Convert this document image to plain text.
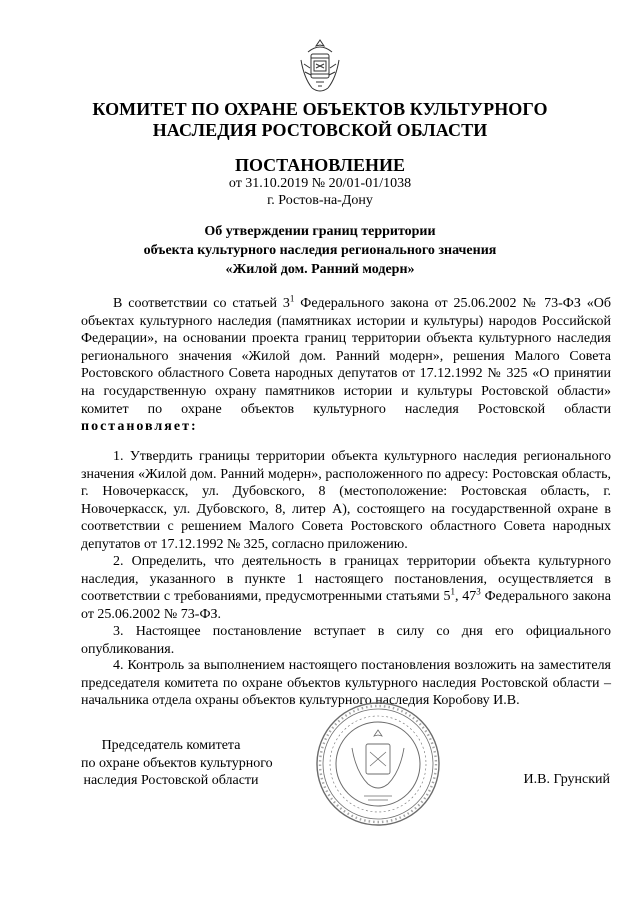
КОМИТЕТ ПО ОХРАНЕ ОБЪЕКТОВ КУЛЬТУРНОГО
НАСЛЕДИЯ РОСТОВСКОЙ ОБЛАСТИ
ПОСТАНОВЛЕНИЕ
от 31.10.2019 № 20/01-01/1038
г. Ростов-на-Дону
Об утверждении границ территории
объекта культурного наследия регионального значения
«Жилой дом. Ранний модерн»

В соответствии со статьей $3^1$ Федерального закона от 25.06.2002 № 73-ФЗ «Об объектах культурного наследия (памятниках истории и культуры) народов Российской Федерации», на основании проекта границ территории объекта культурного наследия регионального значения «Жилой дом. Ранний модерн», решения Малого Совета Ростовского областного Совета народных депутатов от 17.12.1992 № 325 «О принятии на государственную охрану памятников истории и культуры Ростовской области» комитет по охране объектов культурного наследия Ростовской области постановляет:

1. Утвердить границы территории объекта культурного наследия регионального значения «Жилой дом. Ранний модерн», расположенного по адресу: Ростовская область, г. Новочеркасск, ул. Дубовского, 8 (местоположение: Ростовская область, г. Новочеркасск, ул. Дубовского, 8, литер А), состоящего на государственной охране в соответствии с решением Малого Совета Ростовского областного Совета народных депутатов от 17.12.1992 № 325, согласно приложению.

2. Определить, что деятельность в границах территории объекта культурного наследия, указанного в пункте 1 настоящего постановления, осуществляется в соответствии с требованиями, предусмотренными статьями $5^1$, $47^3$ Федерального закона от 25.06.2002 № 73-ФЗ.

3. Настоящее постановление вступает в силу со дня его официального опубликования.

4. Контроль за выполнением настоящего постановления возложить на заместителя председателя комитета по охране объектов культурного наследия Ростовской области – начальника отдела охраны объектов культурного наследия Коробову И.В.

Председатель комитета
по охране объектов культурного
наследия Ростовской области	И.В. Грунский
